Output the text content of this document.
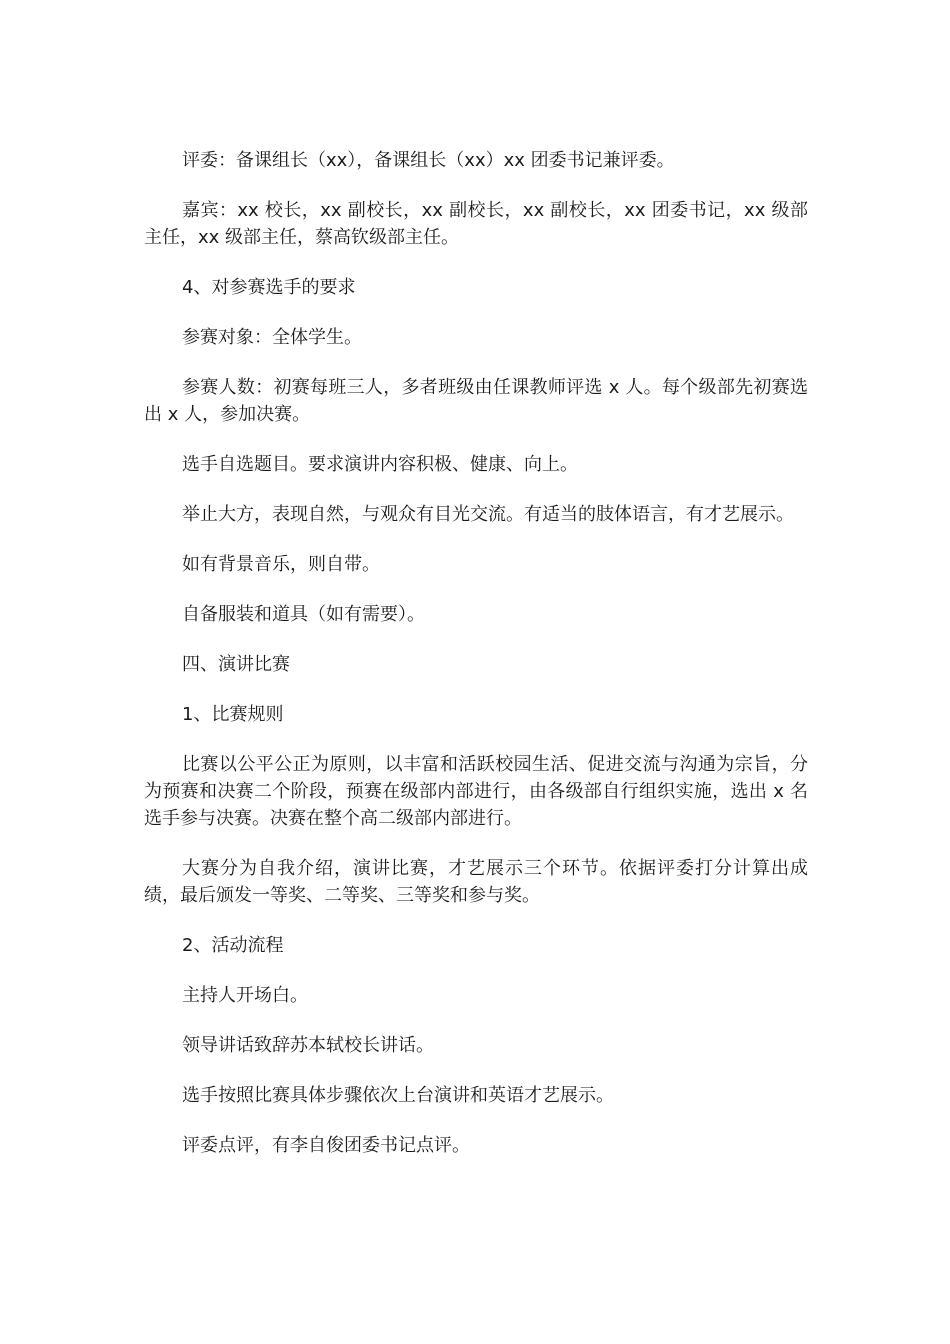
评委：备课组长（xx），备课组长（xx）xx 团委书记兼评委。

嘉宾：xx 校长，xx 副校长，xx 副校长，xx 副校长，xx 团委书记，xx 级部主任，xx 级部主任，蔡高钦级部主任。

4、对参赛选手的要求

参赛对象：全体学生。

参赛人数：初赛每班三人，多者班级由任课教师评选 x 人。每个级部先初赛选出 x 人，参加决赛。

选手自选题目。要求演讲内容积极、健康、向上。

举止大方，表现自然，与观众有目光交流。有适当的肢体语言，有才艺展示。

如有背景音乐，则自带。

自备服装和道具（如有需要）。

四、演讲比赛

1、比赛规则

比赛以公平公正为原则，以丰富和活跃校园生活、促进交流与沟通为宗旨，分为预赛和决赛二个阶段，预赛在级部内部进行，由各级部自行组织实施，选出 x 名选手参与决赛。决赛在整个高二级部内部进行。

大赛分为自我介绍，演讲比赛，才艺展示三个环节。依据评委打分计算出成绩，最后颁发一等奖、二等奖、三等奖和参与奖。

2、活动流程

主持人开场白。

领导讲话致辞苏本轼校长讲话。

选手按照比赛具体步骤依次上台演讲和英语才艺展示。

评委点评，有李自俊团委书记点评。
